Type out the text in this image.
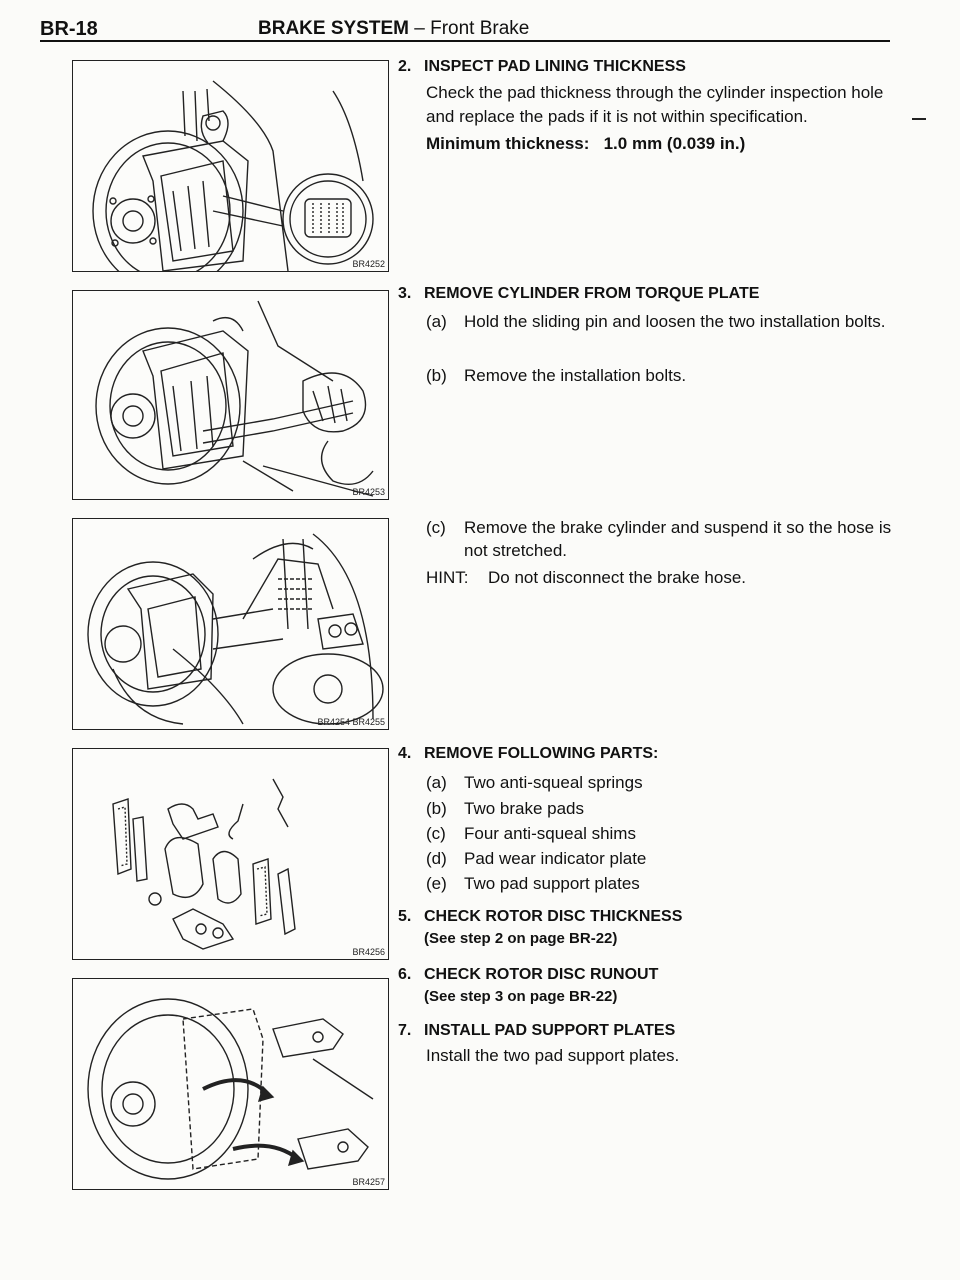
BR-18	BRAKE SYSTEM – Front Brake
BR4252
BR4253
BR4254 BR4255
BR4256
BR4257
2. INSPECT PAD LINING THICKNESS
Check the pad thickness through the cylinder inspection hole and replace the pads if it is not within specification.
Minimum thickness: 1.0 mm (0.039 in.)
3. REMOVE CYLINDER FROM TORQUE PLATE
(a) Hold the sliding pin and loosen the two installation bolts.
(b) Remove the installation bolts.
(c) Remove the brake cylinder and suspend it so the hose is not stretched.
HINT: Do not disconnect the brake hose.
4. REMOVE FOLLOWING PARTS:
(a) Two anti-squeal springs
(b) Two brake pads
(c) Four anti-squeal shims
(d) Pad wear indicator plate
(e) Two pad support plates
5. CHECK ROTOR DISC THICKNESS
(See step 2 on page BR-22)
6. CHECK ROTOR DISC RUNOUT
(See step 3 on page BR-22)
7. INSTALL PAD SUPPORT PLATES
Install the two pad support plates.
